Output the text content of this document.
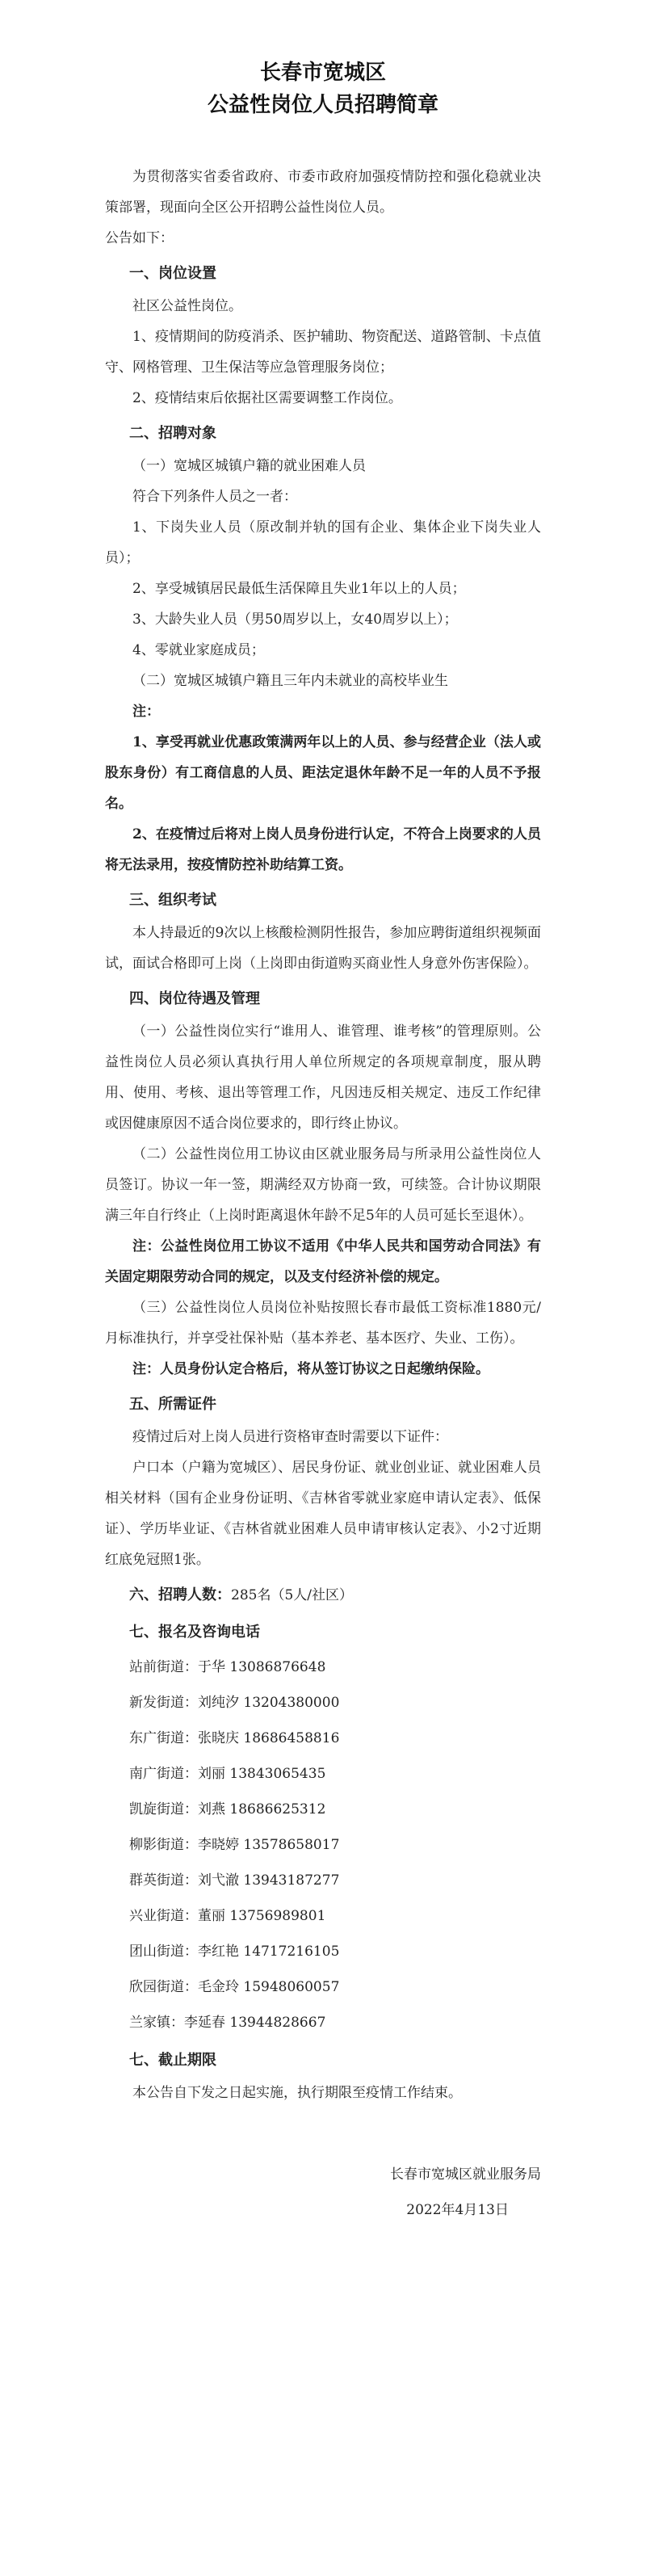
长春市宽城区
公益性岗位人员招聘简章

为贯彻落实省委省政府、市委市政府加强疫情防控和强化稳就业决策部署，现面向全区公开招聘公益性岗位人员。

公告如下：

一、岗位设置

社区公益性岗位。

1、疫情期间的防疫消杀、医护辅助、物资配送、道路管制、卡点值守、网格管理、卫生保洁等应急管理服务岗位；

2、疫情结束后依据社区需要调整工作岗位。

二、招聘对象

（一）宽城区城镇户籍的就业困难人员

符合下列条件人员之一者：

1、下岗失业人员（原改制并轨的国有企业、集体企业下岗失业人员）；

2、享受城镇居民最低生活保障且失业1年以上的人员；

3、大龄失业人员（男50周岁以上，女40周岁以上）；

4、零就业家庭成员；

（二）宽城区城镇户籍且三年内未就业的高校毕业生

注：

1、享受再就业优惠政策满两年以上的人员、参与经营企业（法人或股东身份）有工商信息的人员、距法定退休年龄不足一年的人员不予报名。

2、在疫情过后将对上岗人员身份进行认定，不符合上岗要求的人员将无法录用，按疫情防控补助结算工资。

三、组织考试

本人持最近的9次以上核酸检测阴性报告，参加应聘街道组织视频面试，面试合格即可上岗（上岗即由街道购买商业性人身意外伤害保险）。

四、岗位待遇及管理

（一）公益性岗位实行“谁用人、谁管理、谁考核”的管理原则。公益性岗位人员必须认真执行用人单位所规定的各项规章制度，服从聘用、使用、考核、退出等管理工作，凡因违反相关规定、违反工作纪律或因健康原因不适合岗位要求的，即行终止协议。

（二）公益性岗位用工协议由区就业服务局与所录用公益性岗位人员签订。协议一年一签，期满经双方协商一致，可续签。合计协议期限满三年自行终止（上岗时距离退休年龄不足5年的人员可延长至退休）。

注：公益性岗位用工协议不适用《中华人民共和国劳动合同法》有关固定期限劳动合同的规定，以及支付经济补偿的规定。

（三）公益性岗位人员岗位补贴按照长春市最低工资标准1880元/月标准执行，并享受社保补贴（基本养老、基本医疗、失业、工伤）。

注：人员身份认定合格后，将从签订协议之日起缴纳保险。

五、所需证件

疫情过后对上岗人员进行资格审查时需要以下证件：

户口本（户籍为宽城区）、居民身份证、就业创业证、就业困难人员相关材料（国有企业身份证明、《吉林省零就业家庭申请认定表》、低保证）、学历毕业证、《吉林省就业困难人员申请审核认定表》、小2寸近期红底免冠照1张。

六、招聘人数：285名（5人/社区）
七、报名及咨询电话
站前街道：于华 13086876648
新发街道：刘纯汐 13204380000
东广街道：张晓庆 18686458816
南广街道：刘丽 13843065435
凯旋街道：刘燕 18686625312
柳影街道：李晓婷 13578658017
群英街道：刘弋澈 13943187277
兴业街道：董丽 13756989801
团山街道：李红艳 14717216105
欣园街道：毛金玲 15948060057
兰家镇：李延春 13944828667
七、截止期限

本公告自下发之日起实施，执行期限至疫情工作结束。

长春市宽城区就业服务局
2022年4月13日
